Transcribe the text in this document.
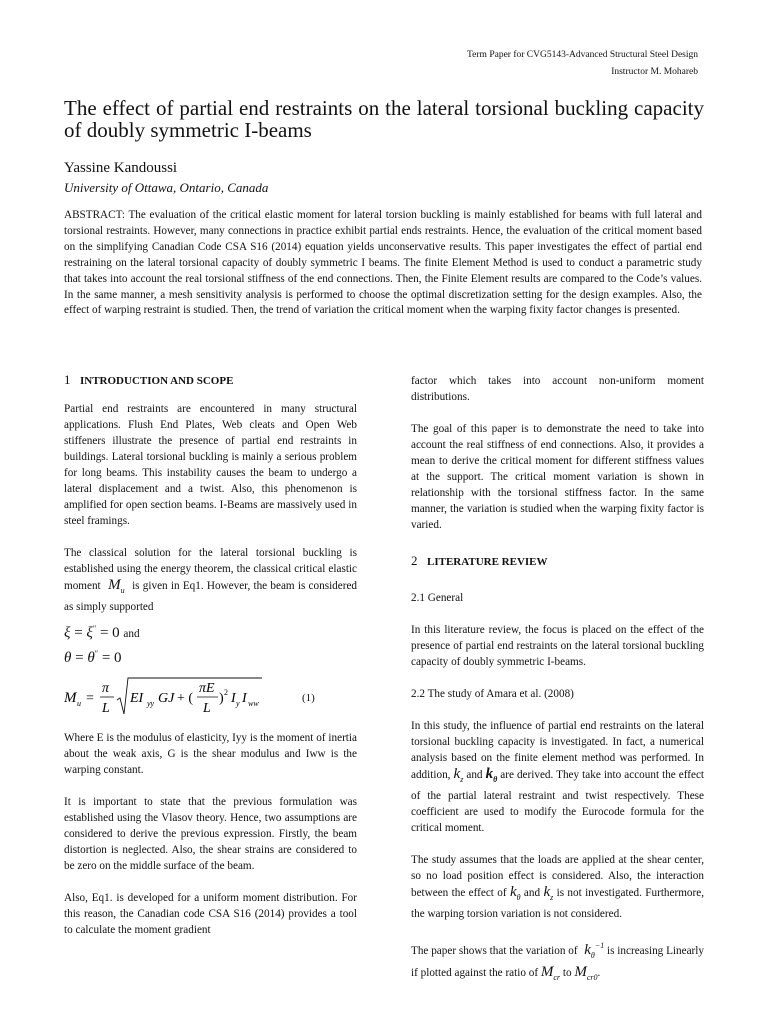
Term Paper for CVG5143-Advanced Structural Steel Design
Instructor M. Mohareb
The effect of partial end restraints on the lateral torsional buckling capacity of doubly symmetric I-beams
Yassine Kandoussi
University of Ottawa, Ontario, Canada

ABSTRACT: The evaluation of the critical elastic moment for lateral torsion buckling is mainly established for beams with full lateral and torsional restraints. However, many connections in practice exhibit partial ends restraints. Hence, the evaluation of the critical moment based on the simplifying Canadian Code CSA S16 (2014) equation yields unconservative results. This paper investigates the effect of partial end restraining on the lateral torsional capacity of doubly symmetric I beams. The finite Element Method is used to conduct a parametric study that takes into account the real torsional stiffness of the end connections. Then, the Finite Element results are compared to the Code’s values. In the same manner, a mesh sensitivity analysis is performed to choose the optimal discretization setting for the design examples. Also, the effect of warping restraint is studied. Then, the trend of variation the critical moment when the warping fixity factor changes is presented.

1 INTRODUCTION AND SCOPE

Partial end restraints are encountered in many structural applications. Flush End Plates, Web cleats and Open Web stiffeners illustrate the presence of partial end restraints in buildings. Lateral torsional buckling is mainly a serious problem for long beams. This instability causes the beam to undergo a lateral displacement and a twist. Also, this phenomenon is amplified for open section beams. I-Beams are massively used in steel framings.

The classical solution for the lateral torsional buckling is established using the energy theorem, the classical critical elastic moment  $M_u$ is given in Eq1. However, the beam is considered as simply supported

ξ = ξ″ = 0 and
θ = θ″ = 0
M u =
π
L
EI yy GJ + (
πE
L
) 2 I y I ww	(1)

Where E is the modulus of elasticity, Iyy is the moment of inertia about the weak axis, G is the shear modulus and Iww is the warping constant.

It is important to state that the previous formulation was established using the Vlasov theory. Hence, two assumptions are considered to derive the previous expression. Firstly, the beam distortion is neglected. Also, the shear strains are considered to be zero on the middle surface of the beam.

Also, Eq1. is developed for a uniform moment distribution. For this reason, the Canadian code CSA S16 (2014) provides a tool to calculate the moment gradient

factor which takes into account non-uniform moment distributions.

The goal of this paper is to demonstrate the need to take into account the real stiffness of end connections. Also, it provides a mean to derive the critical moment for different stiffness values at the support. The critical moment variation is shown in relationship with the torsional stiffness factor. In the same manner, the variation is studied when the warping fixity factor is varied.

2 LITERATURE REVIEW
2.1 General

In this literature review, the focus is placed on the effect of the presence of partial end restraints on the lateral torsional buckling capacity of doubly symmetric I-beams.

2.2 The study of Amara et al. (2008)

In this study, the influence of partial end restraints on the lateral torsional buckling capacity is investigated. In fact, a numerical analysis based on the finite element method was performed. In addition, $k_z$ and $k_\theta$ are derived. They take into account the effect of the partial lateral restraint and twist respectively. These coefficient are used to modify the Eurocode formula for the critical moment.

The study assumes that the loads are applied at the shear center, so no load position effect is considered. Also, the interaction between the effect of $k_\theta$ and $k_z$ is not investigated. Furthermore, the warping torsion variation is not considered.

The paper shows that the variation of  $k_\theta^{-1}$ is increasing Linearly if plotted against the ratio of $M_{cr}$ to $M_{cr0}$.
